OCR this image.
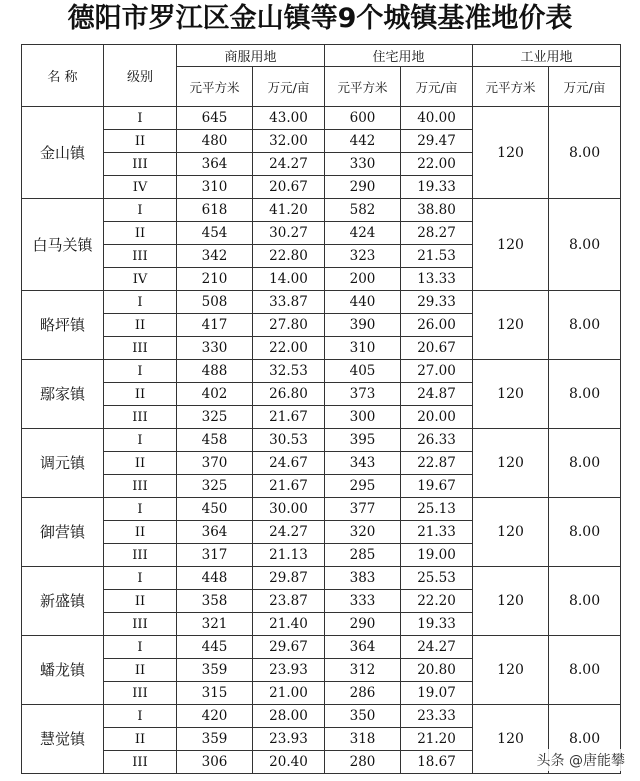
德阳市罗江区金山镇等9个城镇基准地价表
名 称	级别	商服用地		住宅用地		工业用地	
		元平方米	万元/亩	元平方米	万元/亩	元平方米	万元/亩
金山镇	I	645	43.00	600	40.00	120	8.00
	II	480	32.00	442	29.47		
	III	364	24.27	330	22.00		
	IV	310	20.67	290	19.33		
白马关镇	I	618	41.20	582	38.80	120	8.00
	II	454	30.27	424	28.27		
	III	342	22.80	323	21.53		
	IV	210	14.00	200	13.33		
略坪镇	I	508	33.87	440	29.33	120	8.00
	II	417	27.80	390	26.00		
	III	330	22.00	310	20.67		
鄢家镇	I	488	32.53	405	27.00	120	8.00
	II	402	26.80	373	24.87		
	III	325	21.67	300	20.00		
调元镇	I	458	30.53	395	26.33	120	8.00
	II	370	24.67	343	22.87		
	III	325	21.67	295	19.67		
御营镇	I	450	30.00	377	25.13	120	8.00
	II	364	24.27	320	21.33		
	III	317	21.13	285	19.00		
新盛镇	I	448	29.87	383	25.53	120	8.00
	II	358	23.87	333	22.20		
	III	321	21.40	290	19.33		
蟠龙镇	I	445	29.67	364	24.27	120	8.00
	II	359	23.93	312	20.80		
	III	315	21.00	286	19.07		
慧觉镇	I	420	28.00	350	23.33	120	8.00
	II	359	23.93	318	21.20		
	III	306	20.40	280	18.67			头条 @唐能攀
